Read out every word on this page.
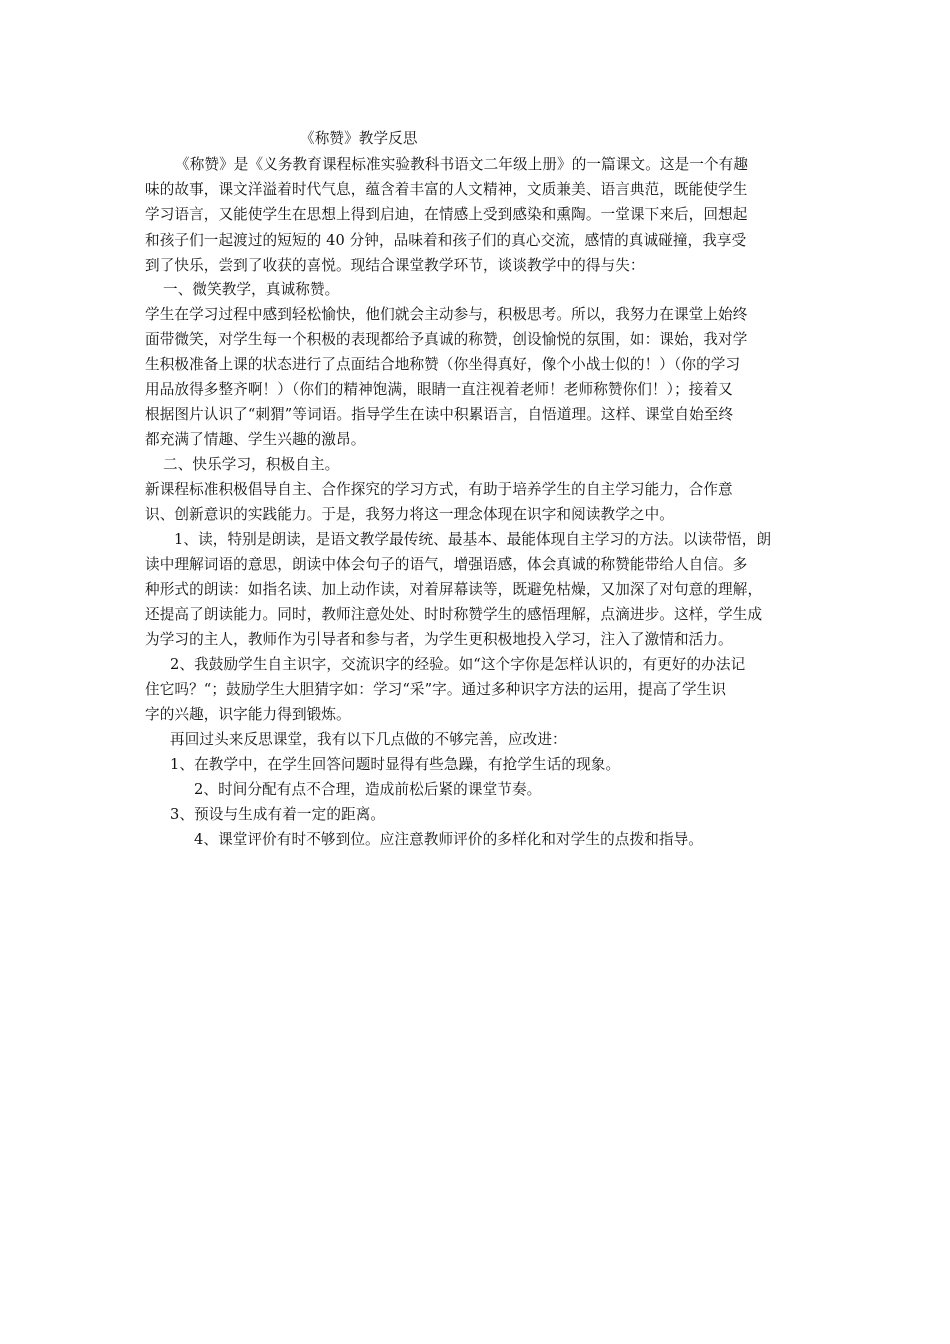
《称赞》教学反思
《称赞》是《义务教育课程标准实验教科书语文二年级上册》的一篇课文。这是一个有趣
味的故事，课文洋溢着时代气息，蕴含着丰富的人文精神，文质兼美、语言典范，既能使学生
学习语言，又能使学生在思想上得到启迪，在情感上受到感染和熏陶。一堂课下来后，回想起
和孩子们一起渡过的短短的 40 分钟，品味着和孩子们的真心交流，感情的真诚碰撞，我享受
到了快乐，尝到了收获的喜悦。现结合课堂教学环节，谈谈教学中的得与失：
一、微笑教学，真诚称赞。
学生在学习过程中感到轻松愉快，他们就会主动参与，积极思考。所以，我努力在课堂上始终
面带微笑，对学生每一个积极的表现都给予真诚的称赞，创设愉悦的氛围，如：课始，我对学
生积极准备上课的状态进行了点面结合地称赞（你坐得真好，像个小战士似的！）（你的学习
用品放得多整齐啊！）（你们的精神饱满，眼睛一直注视着老师！老师称赞你们！）；接着又
根据图片认识了“刺猬”等词语。指导学生在读中积累语言，自悟道理。这样、课堂自始至终
都充满了情趣、学生兴趣的激昂。
二、快乐学习，积极自主。
新课程标准积极倡导自主、合作探究的学习方式，有助于培养学生的自主学习能力，合作意
识、创新意识的实践能力。于是，我努力将这一理念体现在识字和阅读教学之中。
1、读，特别是朗读，是语文教学最传统、最基本、最能体现自主学习的方法。以读带悟，朗
读中理解词语的意思，朗读中体会句子的语气，增强语感，体会真诚的称赞能带给人自信。多
种形式的朗读：如指名读、加上动作读，对着屏幕读等，既避免枯燥，又加深了对句意的理解，
还提高了朗读能力。同时，教师注意处处、时时称赞学生的感悟理解，点滴进步。这样，学生成
为学习的主人，教师作为引导者和参与者，为学生更积极地投入学习，注入了激情和活力。
2、我鼓励学生自主识字，交流识字的经验。如“这个字你是怎样认识的，有更好的办法记
住它吗？“；鼓励学生大胆猜字如：学习“采”字。通过多种识字方法的运用，提高了学生识
字的兴趣，识字能力得到锻炼。
再回过头来反思课堂，我有以下几点做的不够完善，应改进：
1、在教学中，在学生回答问题时显得有些急躁，有抢学生话的现象。
2、时间分配有点不合理，造成前松后紧的课堂节奏。
3、预设与生成有着一定的距离。
4、课堂评价有时不够到位。应注意教师评价的多样化和对学生的点拨和指导。
